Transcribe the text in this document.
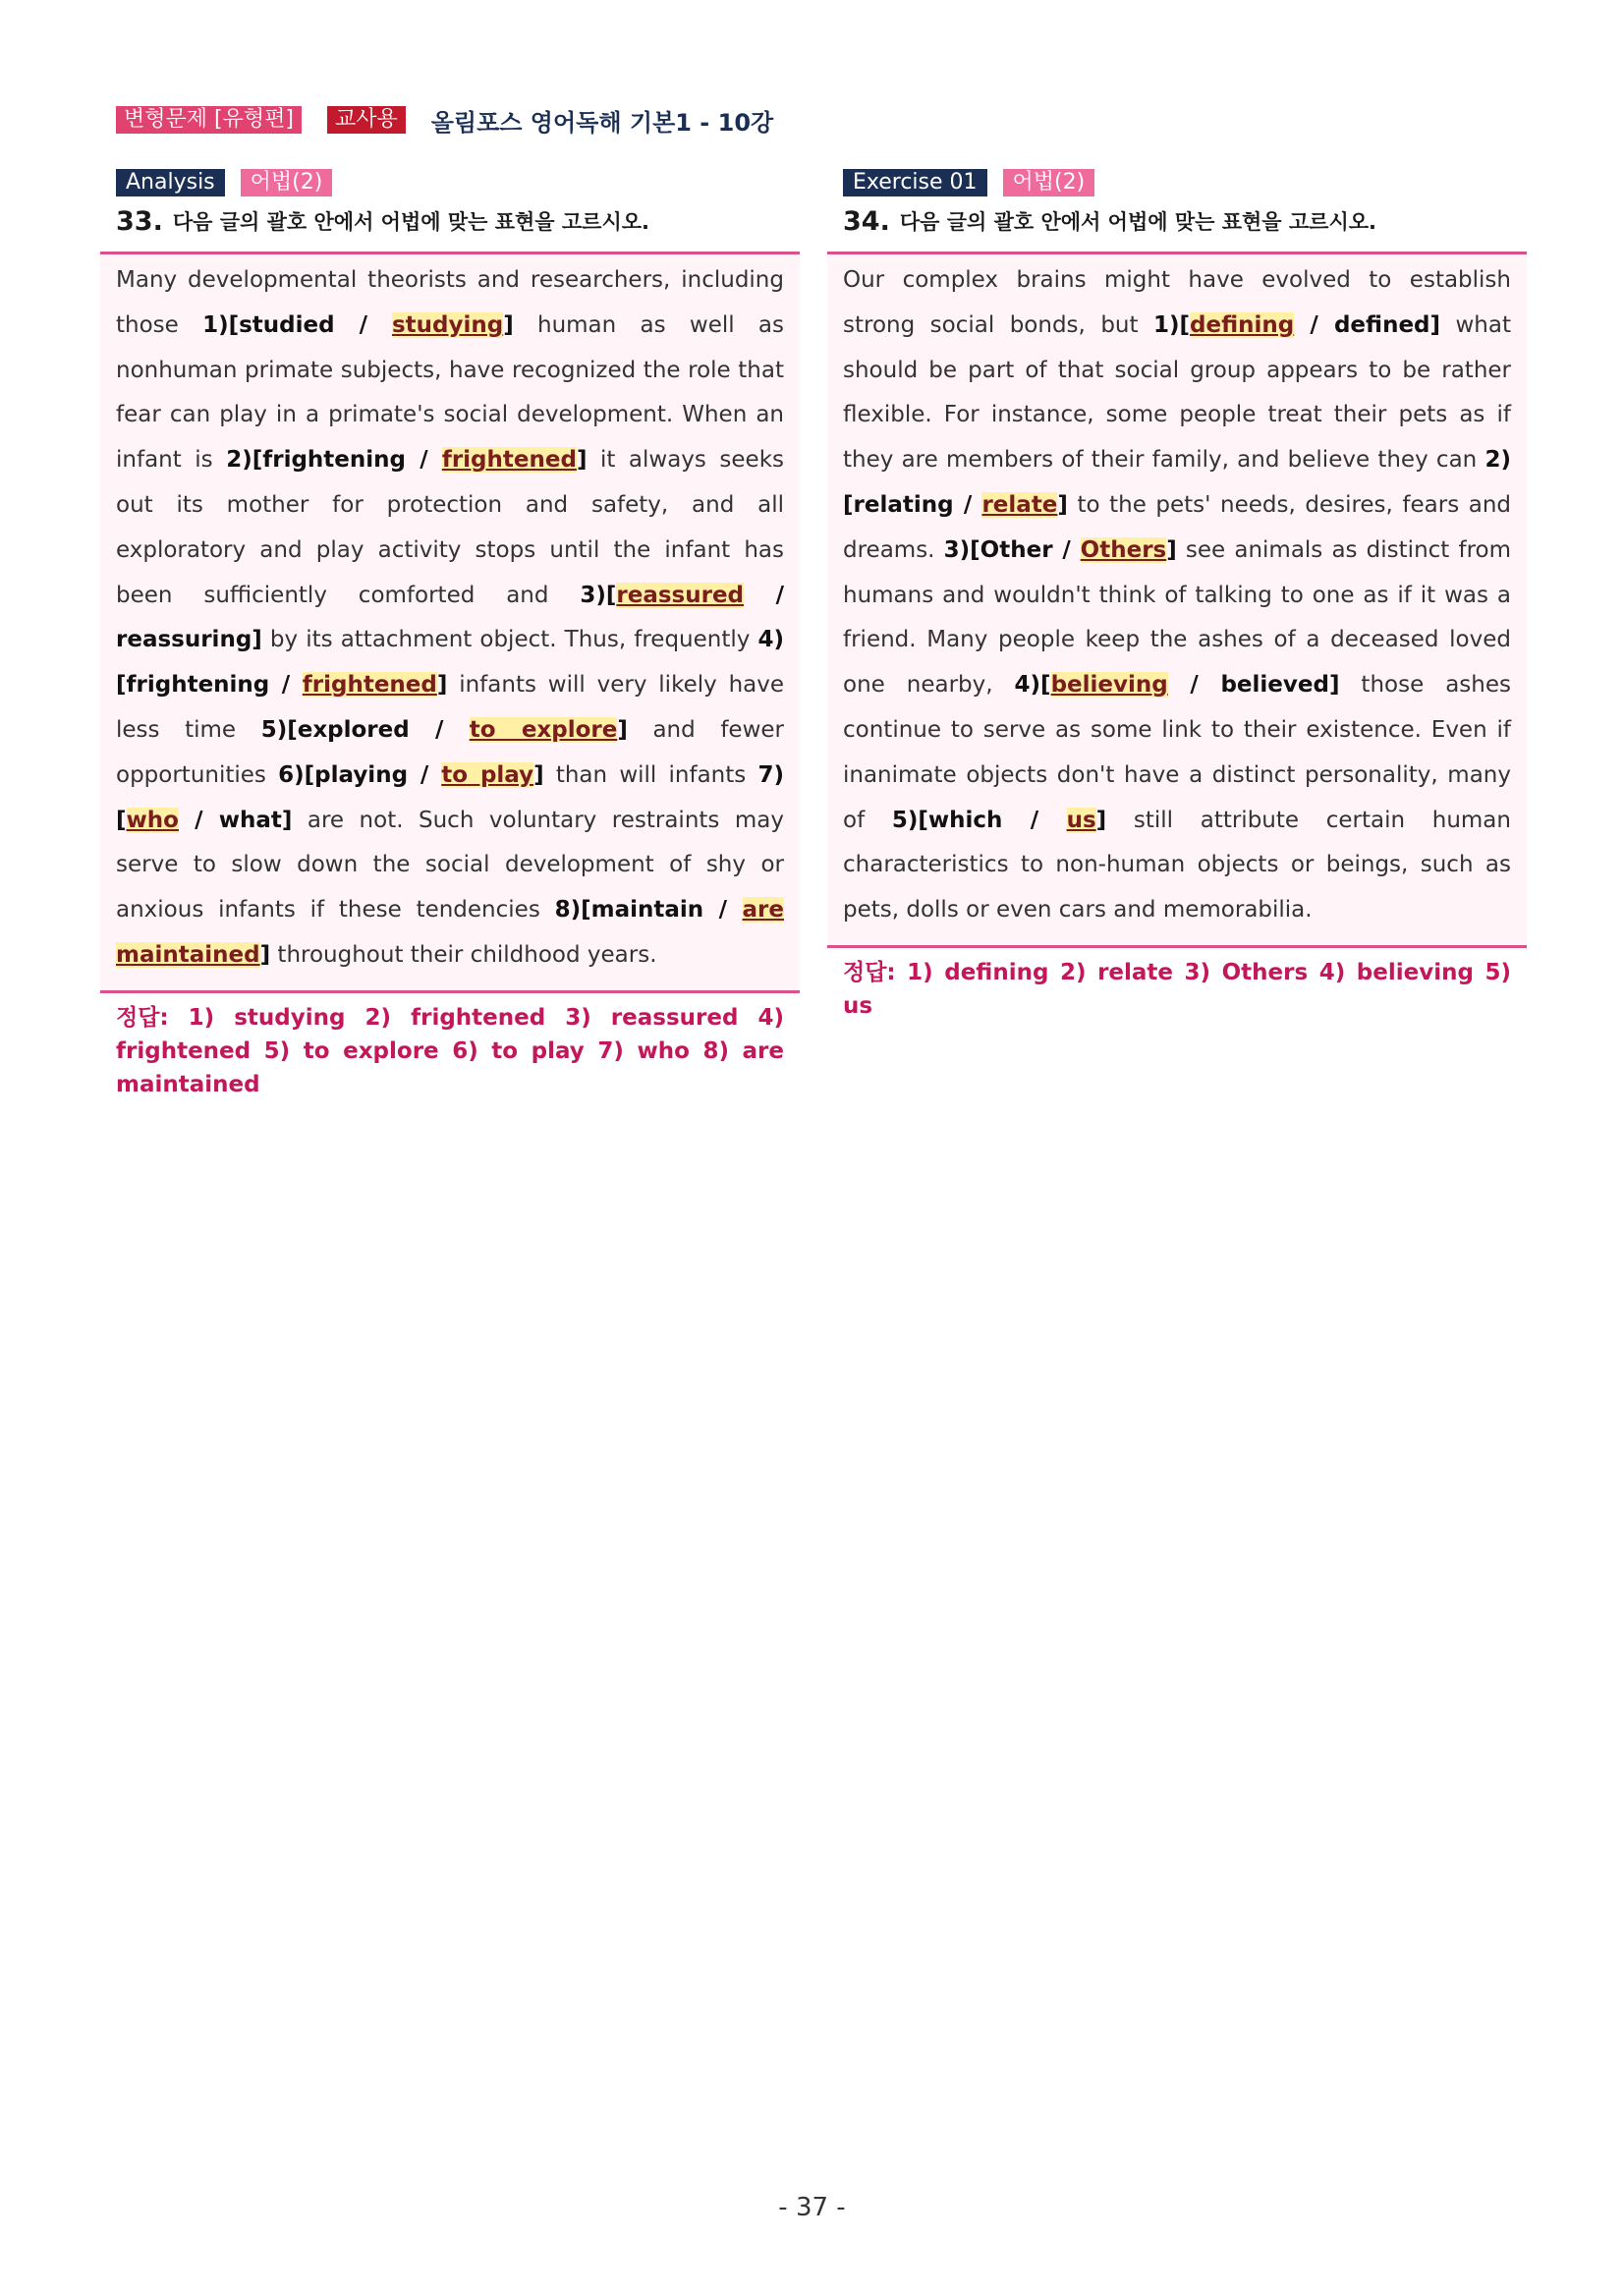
변형문제 [유형편]	교사용	올림포스 영어독해 기본1 - 10강
Analysis	어법(2)
33. 다음 글의 괄호 안에서 어법에 맞는 표현을 고르시오.

Many developmental theorists and researchers, including those 1)[studied / studying] human as well as nonhuman primate subjects, have recognized the role that fear can play in a primate's social development. When an infant is 2)[frightening / frightened] it always seeks out its mother for protection and safety, and all exploratory and play activity stops until the infant has been sufficiently comforted and 3)[reassured / reassuring] by its attachment object. Thus, frequently 4)[frightening / frightened] infants will very likely have less time 5)[explored / to explore] and fewer opportunities 6)[playing / to play] than will infants 7)[who / what] are not. Such voluntary restraints may serve to slow down the social development of shy or anxious infants if these tendencies 8)[maintain / are maintained] throughout their childhood years.

정답: 1) studying 2) frightened 3) reassured 4) frightened 5) to explore 6) to play 7) who 8) are maintained
Exercise 01	어법(2)
34. 다음 글의 괄호 안에서 어법에 맞는 표현을 고르시오.

Our complex brains might have evolved to establish strong social bonds, but 1)[defining / defined] what should be part of that social group appears to be rather flexible. For instance, some people treat their pets as if they are members of their family, and believe they can 2)[relating / relate] to the pets' needs, desires, fears and dreams. 3)[Other / Others] see animals as distinct from humans and wouldn't think of talking to one as if it was a friend. Many people keep the ashes of a deceased loved one nearby, 4)[believing / believed] those ashes continue to serve as some link to their existence. Even if inanimate objects don't have a distinct personality, many of 5)[which / us] still attribute certain human characteristics to non-human objects or beings, such as pets, dolls or even cars and memorabilia.

정답: 1) defining 2) relate 3) Others 4) believing 5) us
- 37 -
